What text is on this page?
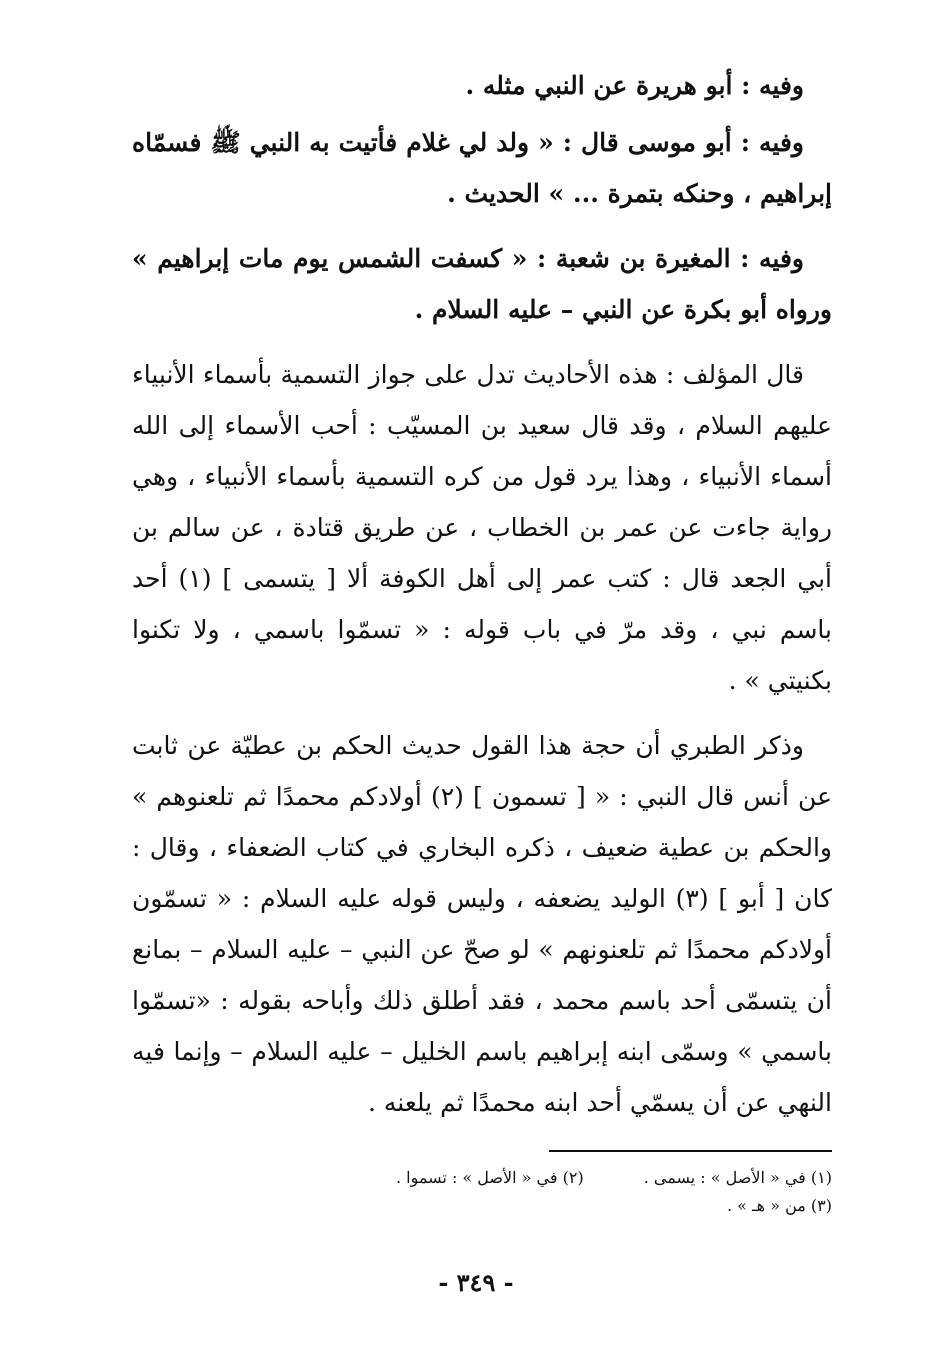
وفيه : أبو هريرة عن النبي مثله .

وفيه : أبو موسى قال : « ولد لي غلام فأتيت به النبي ﷺ فسمّاه إبراهيم ، وحنكه بتمرة ... » الحديث .

وفيه : المغيرة بن شعبة : « كسفت الشمس يوم مات إبراهيم » ورواه أبو بكرة عن النبي – عليه السلام .

قال المؤلف : هذه الأحاديث تدل على جواز التسمية بأسماء الأنبياء عليهم السلام ، وقد قال سعيد بن المسيّب : أحب الأسماء إلى الله أسماء الأنبياء ، وهذا يرد قول من كره التسمية بأسماء الأنبياء ، وهي رواية جاءت عن عمر بن الخطاب ، عن طريق قتادة ، عن سالم بن أبي الجعد قال : كتب عمر إلى أهل الكوفة ألا [ يتسمى ] (١) أحد باسم نبي ، وقد مرّ في باب قوله : « تسمّوا باسمي ، ولا تكنوا بكنيتي » .

وذكر الطبري أن حجة هذا القول حديث الحكم بن عطيّة عن ثابت عن أنس قال النبي : « [ تسمون ] (٢) أولادكم محمدًا ثم تلعنوهم » والحكم بن عطية ضعيف ، ذكره البخاري في كتاب الضعفاء ، وقال : كان [ أبو ] (٣) الوليد يضعفه ، وليس قوله عليه السلام : « تسمّون أولادكم محمدًا ثم تلعنونهم » لو صحّ عن النبي – عليه السلام – بمانع أن يتسمّى أحد باسم محمد ، فقد أطلق ذلك وأباحه بقوله : «تسمّوا باسمي » وسمّى ابنه إبراهيم باسم الخليل – عليه السلام – وإنما فيه النهي عن أن يسمّي أحد ابنه محمدًا ثم يلعنه .

(١) في « الأصل » : يسمى .
(٢) في « الأصل » : تسموا .
(٣) من « هـ » .
- ٣٤٩ -
